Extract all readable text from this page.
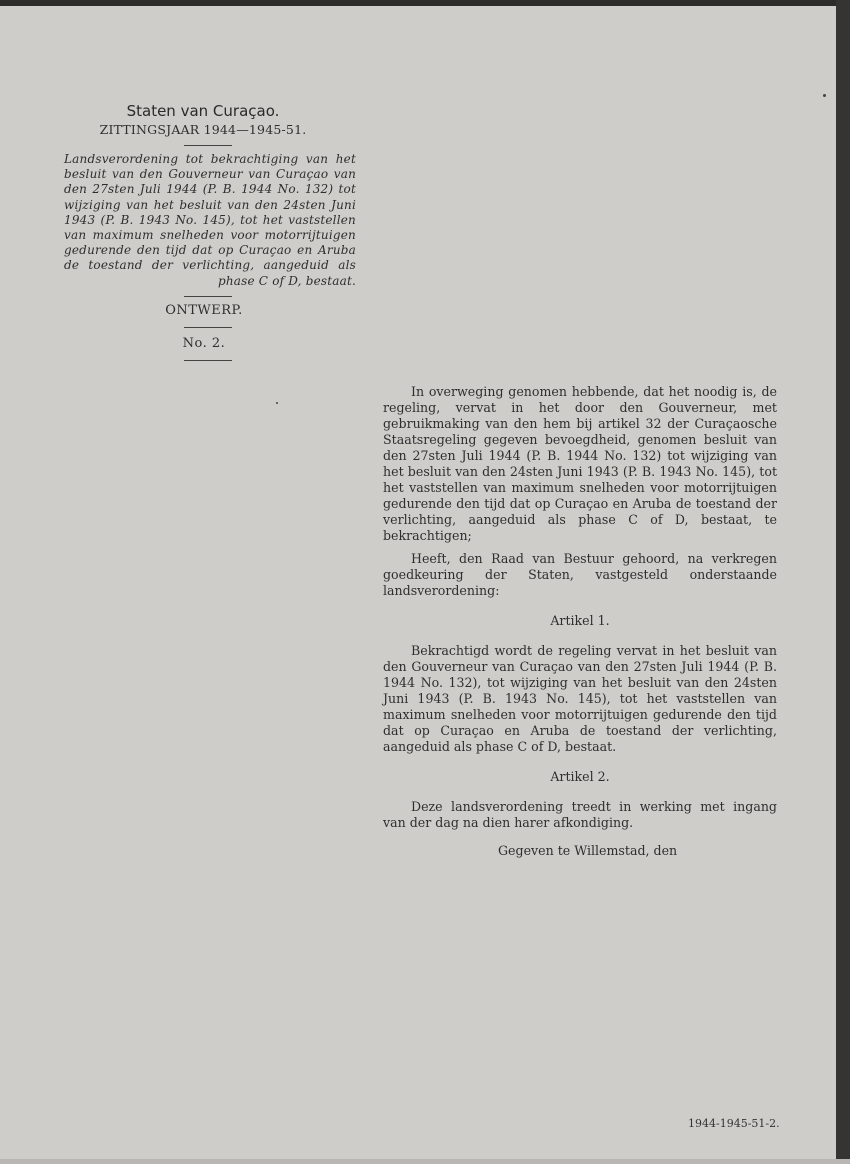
Staten van Curaçao.
ZITTINGSJAAR 1944—1945-51.
Landsverordening tot bekrachtiging van het besluit van den Gouverneur van Curaçao van den 27sten Juli 1944 (P. B. 1944 No. 132) tot wijziging van het besluit van den 24sten Juni 1943 (P. B. 1943 No. 145), tot het vaststellen van maximum snelheden voor motorrijtuigen gedurende den tijd dat op Curaçao en Aruba de toestand der verlichting, aangeduid als phase C of D, bestaat.
ONTWERP.
No. 2.

In overweging genomen hebbende, dat het noodig is, de regeling, vervat in het door den Gouverneur, met gebruikmaking van den hem bij artikel 32 der Curaçaosche Staatsregeling gegeven bevoegdheid, genomen besluit van den 27sten Juli 1944 (P. B. 1944 No. 132) tot wijziging van het besluit van den 24sten Juni 1943 (P. B. 1943 No. 145), tot het vaststellen van maximum snelheden voor motorrijtuigen gedurende den tijd dat op Curaçao en Aruba de toestand der verlichting, aangeduid als phase C of D, bestaat, te bekrachtigen;

Heeft, den Raad van Bestuur gehoord, na verkregen goedkeuring der Staten, vastgesteld onderstaande landsverordening:

Artikel 1.

Bekrachtigd wordt de regeling vervat in het besluit van den Gouverneur van Curaçao van den 27sten Juli 1944 (P. B. 1944 No. 132), tot wijziging van het besluit van den 24sten Juni 1943 (P. B. 1943 No. 145), tot het vaststellen van maximum snelheden voor motorrijtuigen gedurende den tijd dat op Curaçao en Aruba de toestand der verlichting, aangeduid als phase C of D, bestaat.

Artikel 2.

Deze landsverordening treedt in werking met ingang van der dag na dien harer afkondiging.

Gegeven te Willemstad, den

1944-1945-51-2.
